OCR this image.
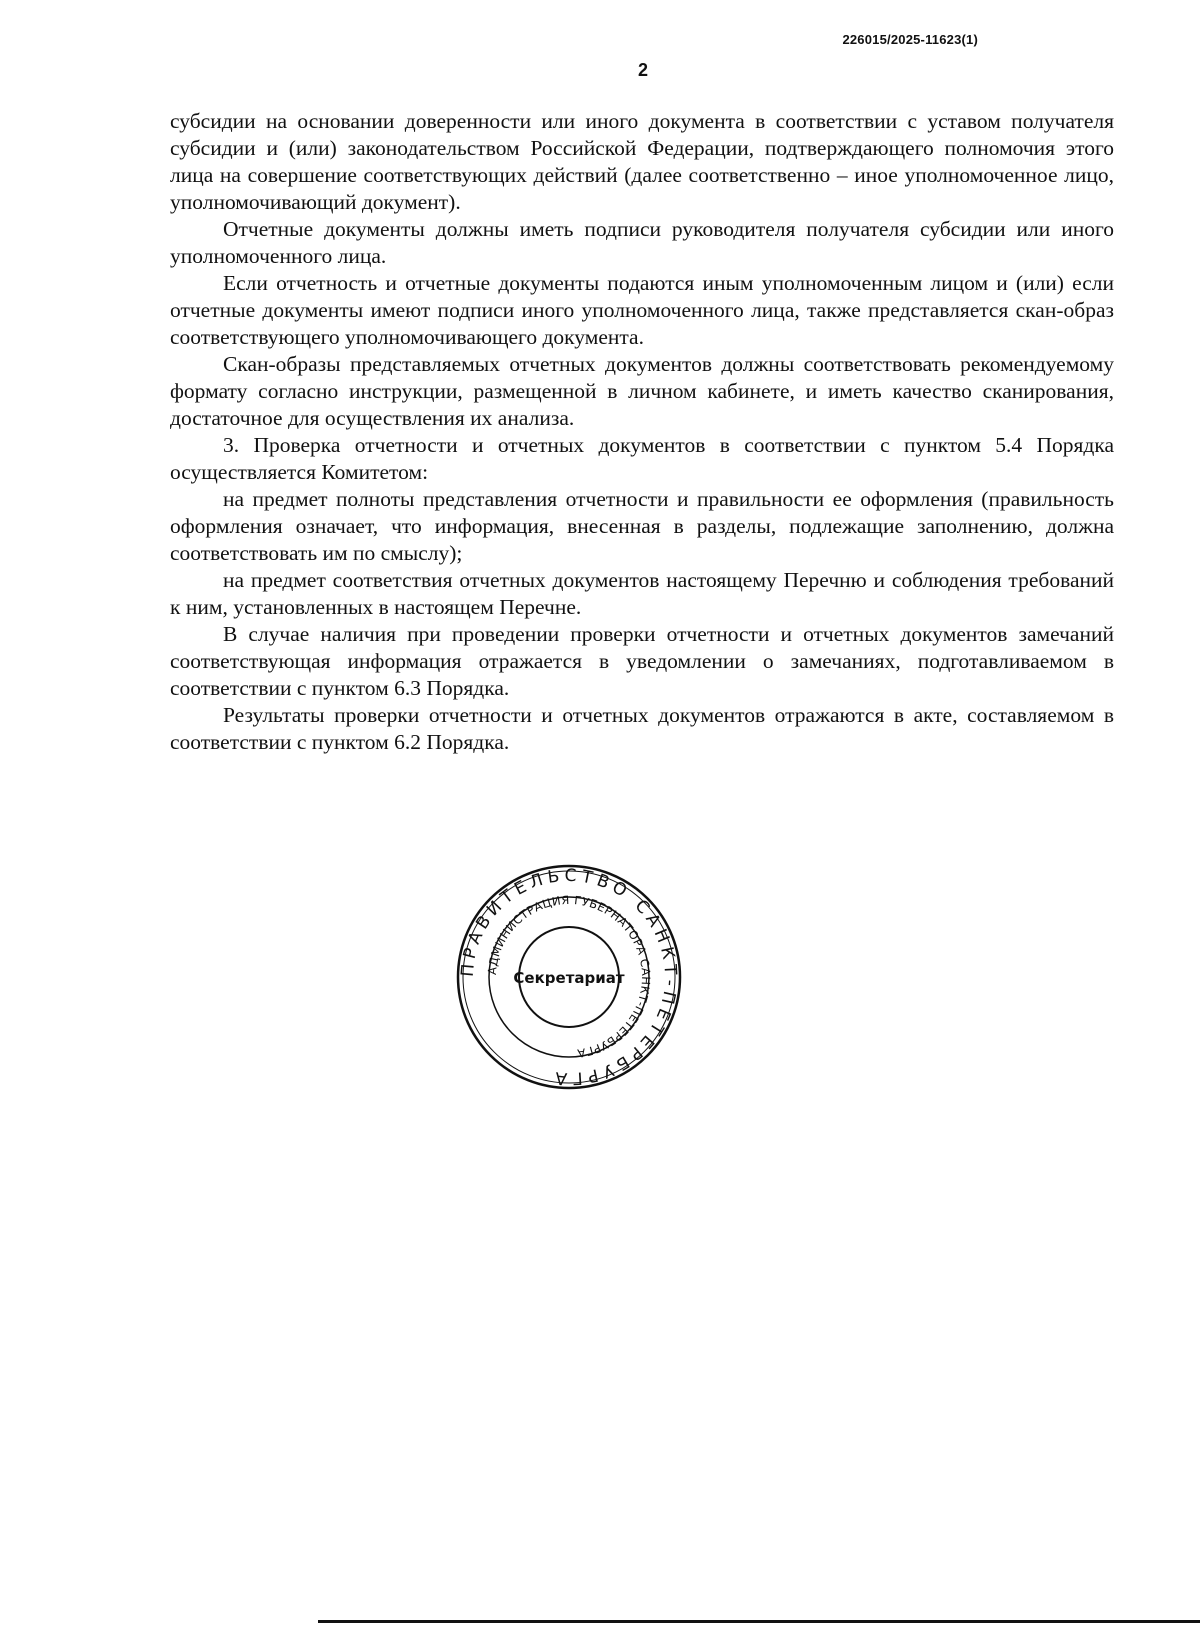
226015/2025-11623(1)
2

субсидии на основании доверенности или иного документа в соответствии с уставом получателя субсидии и (или) законодательством Российской Федерации, подтверждающего полномочия этого лица на совершение соответствующих действий (далее соответственно – иное уполномоченное лицо, уполномочивающий документ).

Отчетные документы должны иметь подписи руководителя получателя субсидии или иного уполномоченного лица.

Если отчетность и отчетные документы подаются иным уполномоченным лицом и (или) если отчетные документы имеют подписи иного уполномоченного лица, также представляется скан-образ соответствующего уполномочивающего документа.

Скан-образы представляемых отчетных документов должны соответствовать рекомендуемому формату согласно инструкции, размещенной в личном кабинете, и иметь качество сканирования, достаточное для осуществления их анализа.

3. Проверка отчетности и отчетных документов в соответствии с пунктом 5.4 Порядка осуществляется Комитетом:

на предмет полноты представления отчетности и правильности ее оформления (правильность оформления означает, что информация, внесенная в разделы, подлежащие заполнению, должна соответствовать им по смыслу);

на предмет соответствия отчетных документов настоящему Перечню и соблюдения требований к ним, установленных в настоящем Перечне.

В случае наличия при проведении проверки отчетности и отчетных документов замечаний соответствующая информация отражается в уведомлении о замечаниях, подготавливаемом в соответствии с пунктом 6.3 Порядка.

Результаты проверки отчетности и отчетных документов отражаются в акте, составляемом в соответствии с пунктом 6.2 Порядка.

ПРАВИТЕЛЬСТВО САНКТ-ПЕТЕРБУРГА
АДМИНИСТРАЦИЯ ГУБЕРНАТОРА САНКТ-ПЕТЕРБУРГА
Секретариат
